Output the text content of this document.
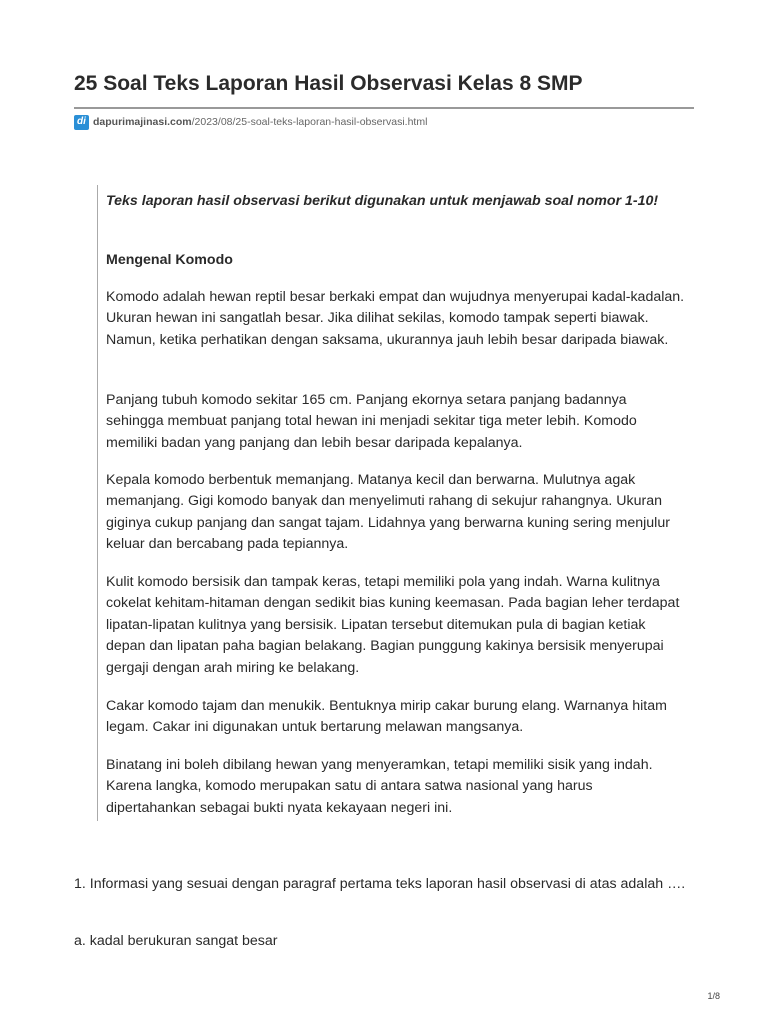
25 Soal Teks Laporan Hasil Observasi Kelas 8 SMP
di dapurimajinasi.com /2023/08/25-soal-teks-laporan-hasil-observasi.html

Teks laporan hasil observasi berikut digunakan untuk menjawab soal nomor 1-10!

Mengenal Komodo

Komodo adalah hewan reptil besar berkaki empat dan wujudnya menyerupai kadal-kadalan. Ukuran hewan ini sangatlah besar. Jika dilihat sekilas, komodo tampak seperti biawak. Namun, ketika perhatikan dengan saksama, ukurannya jauh lebih besar daripada biawak.

Panjang tubuh komodo sekitar 165 cm. Panjang ekornya setara panjang badannya sehingga membuat panjang total hewan ini menjadi sekitar tiga meter lebih. Komodo memiliki badan yang panjang dan lebih besar daripada kepalanya.

Kepala komodo berbentuk memanjang. Matanya kecil dan berwarna. Mulutnya agak memanjang. Gigi komodo banyak dan menyelimuti rahang di sekujur rahangnya. Ukuran giginya cukup panjang dan sangat tajam. Lidahnya yang berwarna kuning sering menjulur keluar dan bercabang pada tepiannya.

Kulit komodo bersisik dan tampak keras, tetapi memiliki pola yang indah. Warna kulitnya cokelat kehitam-hitaman dengan sedikit bias kuning keemasan. Pada bagian leher terdapat lipatan-lipatan kulitnya yang bersisik. Lipatan tersebut ditemukan pula di bagian ketiak depan dan lipatan paha bagian belakang. Bagian punggung kakinya bersisik menyerupai gergaji dengan arah miring ke belakang.

Cakar komodo tajam dan menukik. Bentuknya mirip cakar burung elang. Warnanya hitam legam. Cakar ini digunakan untuk bertarung melawan mangsanya.

Binatang ini boleh dibilang hewan yang menyeramkan, tetapi memiliki sisik yang indah. Karena langka, komodo merupakan satu di antara satwa nasional yang harus dipertahankan sebagai bukti nyata kekayaan negeri ini.

1. Informasi yang sesuai dengan paragraf pertama teks laporan hasil observasi di atas adalah ….

a. kadal berukuran sangat besar

1/8
